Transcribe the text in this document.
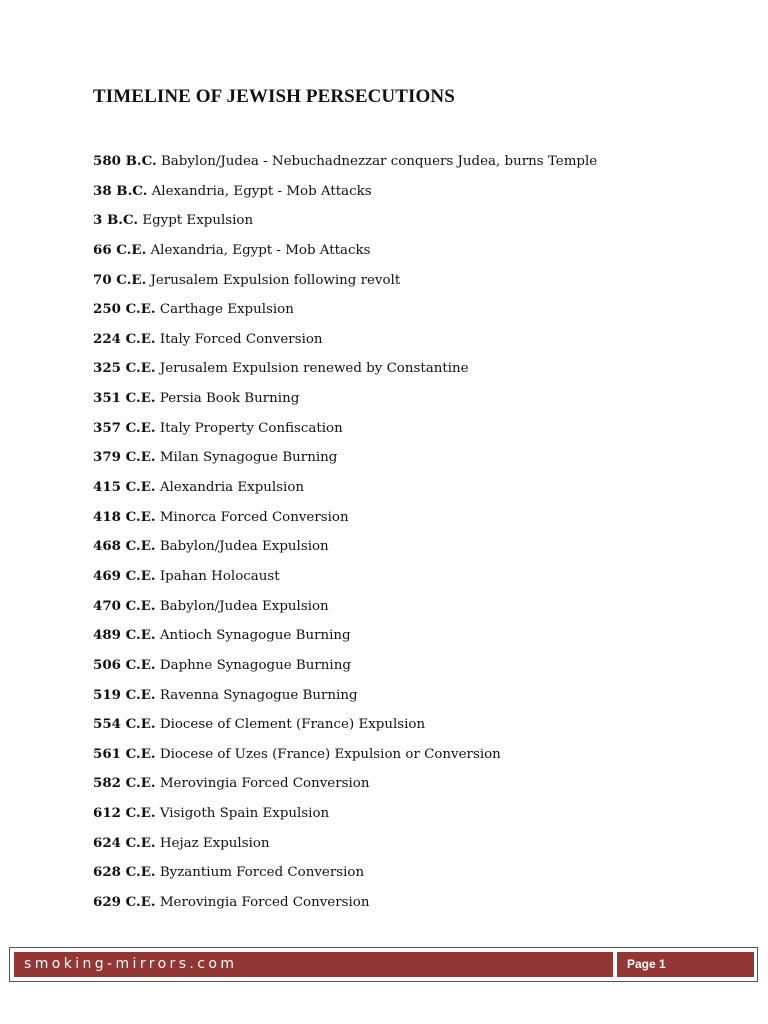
TIMELINE OF JEWISH PERSECUTIONS
580 B.C. Babylon/Judea - Nebuchadnezzar conquers Judea, burns Temple
38 B.C. Alexandria, Egypt - Mob Attacks
3 B.C. Egypt Expulsion
66 C.E. Alexandria, Egypt - Mob Attacks
70 C.E. Jerusalem Expulsion following revolt
250 C.E. Carthage Expulsion
224 C.E. Italy Forced Conversion
325 C.E. Jerusalem Expulsion renewed by Constantine
351 C.E. Persia Book Burning
357 C.E. Italy Property Confiscation
379 C.E. Milan Synagogue Burning
415 C.E. Alexandria Expulsion
418 C.E. Minorca Forced Conversion
468 C.E. Babylon/Judea Expulsion
469 C.E. Ipahan Holocaust
470 C.E. Babylon/Judea Expulsion
489 C.E. Antioch Synagogue Burning
506 C.E. Daphne Synagogue Burning
519 C.E. Ravenna Synagogue Burning
554 C.E. Diocese of Clement (France) Expulsion
561 C.E. Diocese of Uzes (France) Expulsion or Conversion
582 C.E. Merovingia Forced Conversion
612 C.E. Visigoth Spain Expulsion
624 C.E. Hejaz Expulsion
628 C.E. Byzantium Forced Conversion
629 C.E. Merovingia Forced Conversion
smoking-mirrors.com	Page 1
